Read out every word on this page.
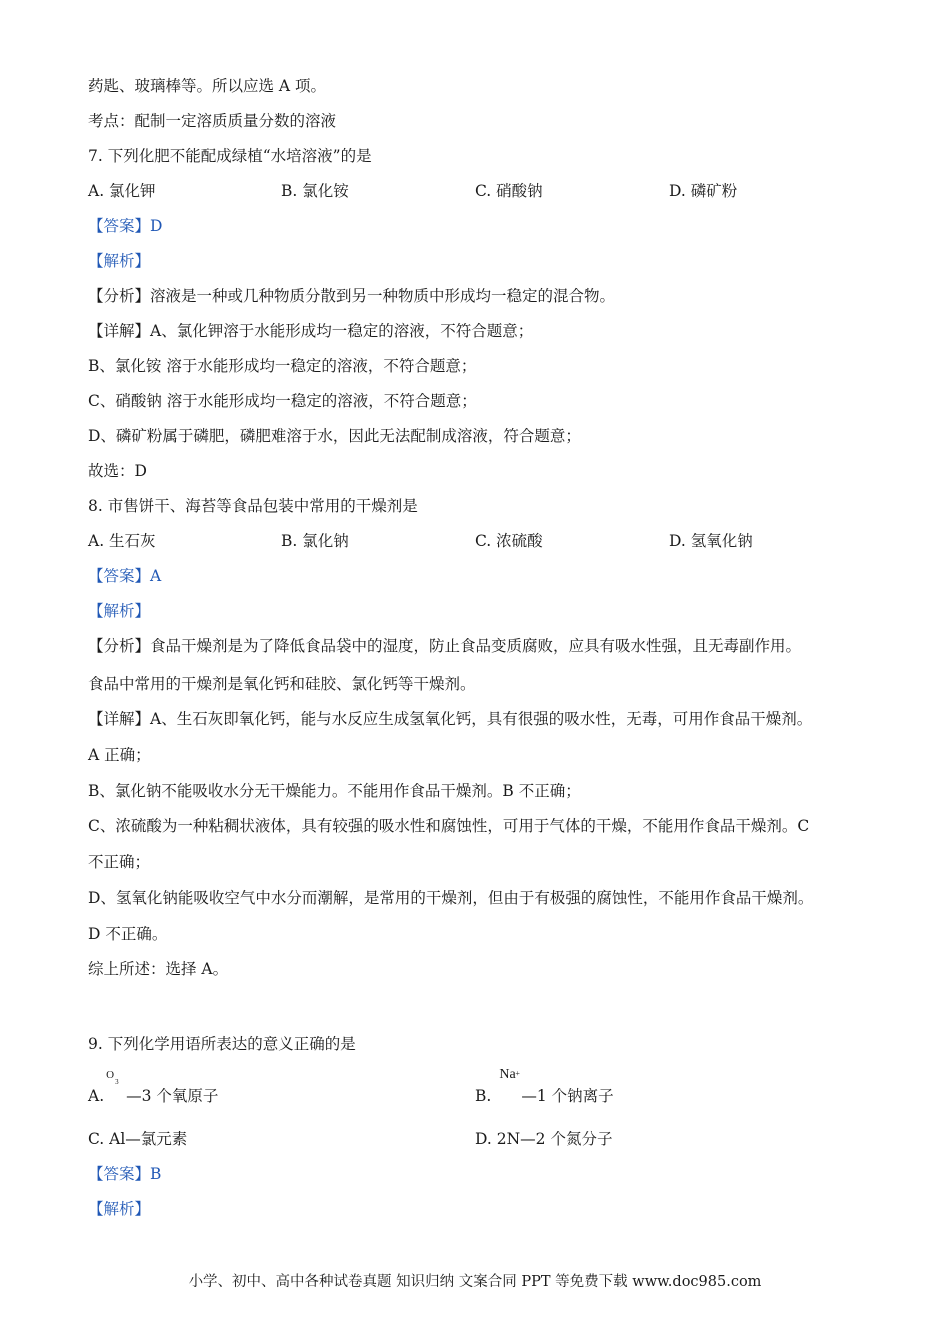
药匙、玻璃棒等。所以应选 A 项。
考点：配制一定溶质质量分数的溶液
7. 下列化肥不能配成绿植“水培溶液”的是
A. 氯化钾	B. 氯化铵	C. 硝酸钠	D. 磷矿粉
【答案】D
【解析】
【分析】溶液是一种或几种物质分散到另一种物质中形成均一稳定的混合物。
【详解】A、氯化钾溶于水能形成均一稳定的溶液，不符合题意；
B、氯化铵 溶于水能形成均一稳定的溶液，不符合题意；
C、硝酸钠 溶于水能形成均一稳定的溶液，不符合题意；
D、磷矿粉属于磷肥，磷肥难溶于水，因此无法配制成溶液，符合题意；
故选：D
8. 市售饼干、海苔等食品包装中常用的干燥剂是
A. 生石灰	B. 氯化钠	C. 浓硫酸	D. 氢氧化钠
【答案】A
【解析】
【分析】食品干燥剂是为了降低食品袋中的湿度，防止食品变质腐败，应具有吸水性强，且无毒副作用。
食品中常用的干燥剂是氧化钙和硅胶、氯化钙等干燥剂。
【详解】A、生石灰即氧化钙，能与水反应生成氢氧化钙，具有很强的吸水性，无毒，可用作食品干燥剂。
A 正确；
B、氯化钠不能吸收水分无干燥能力。不能用作食品干燥剂。B 不正确；
C、浓硫酸为一种粘稠状液体，具有较强的吸水性和腐蚀性，可用于气体的干燥，不能用作食品干燥剂。C
不正确；
D、氢氧化钠能吸收空气中水分而潮解，是常用的干燥剂，但由于有极强的腐蚀性，不能用作食品干燥剂。
D 不正确。
综上所述：选择 A。
9. 下列化学用语所表达的意义正确的是
A.
O
3
—3 个氧原子	B.
Na +
—1 个钠离子
C. Al—氯元素	D. 2N—2 个氮分子
【答案】B
【解析】
小学、初中、高中各种试卷真题 知识归纳 文案合同 PPT 等免费下载 www.doc985.com
